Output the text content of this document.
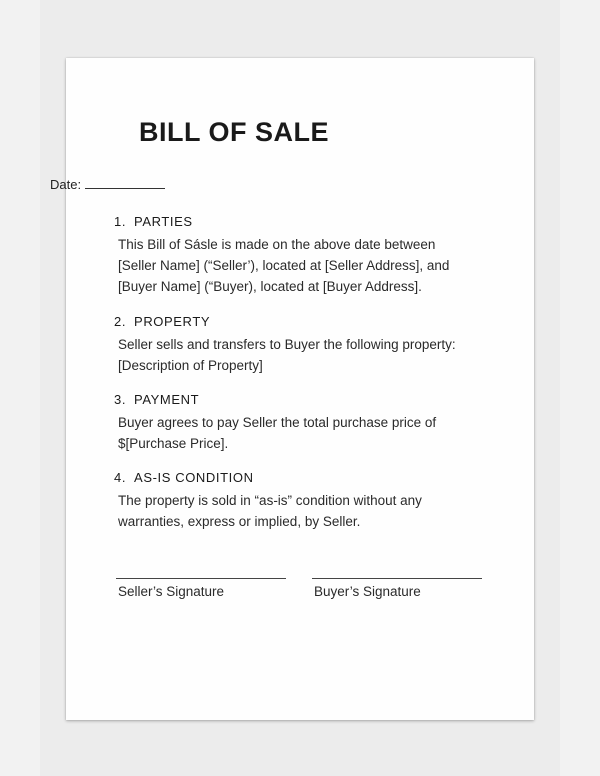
BILL OF SALE
Date:
1. PARTIES
This Bill of Sásle is made on the above date between
[Seller Name] (“Seller’), located at [Seller Address], and
[Buyer Name] (“Buyer), located at [Buyer Address].
2. PROPERTY
Seller sells and transfers to Buyer the following property:
[Description of Property]
3. PAYMENT
Buyer agrees to pay Seller the total purchase price of
$[Purchase Price].
4. AS-IS CONDITION
The property is sold in “as-is” condition without any
warranties, express or implied, by Seller.
Seller’s Signature	Buyer’s Signature
